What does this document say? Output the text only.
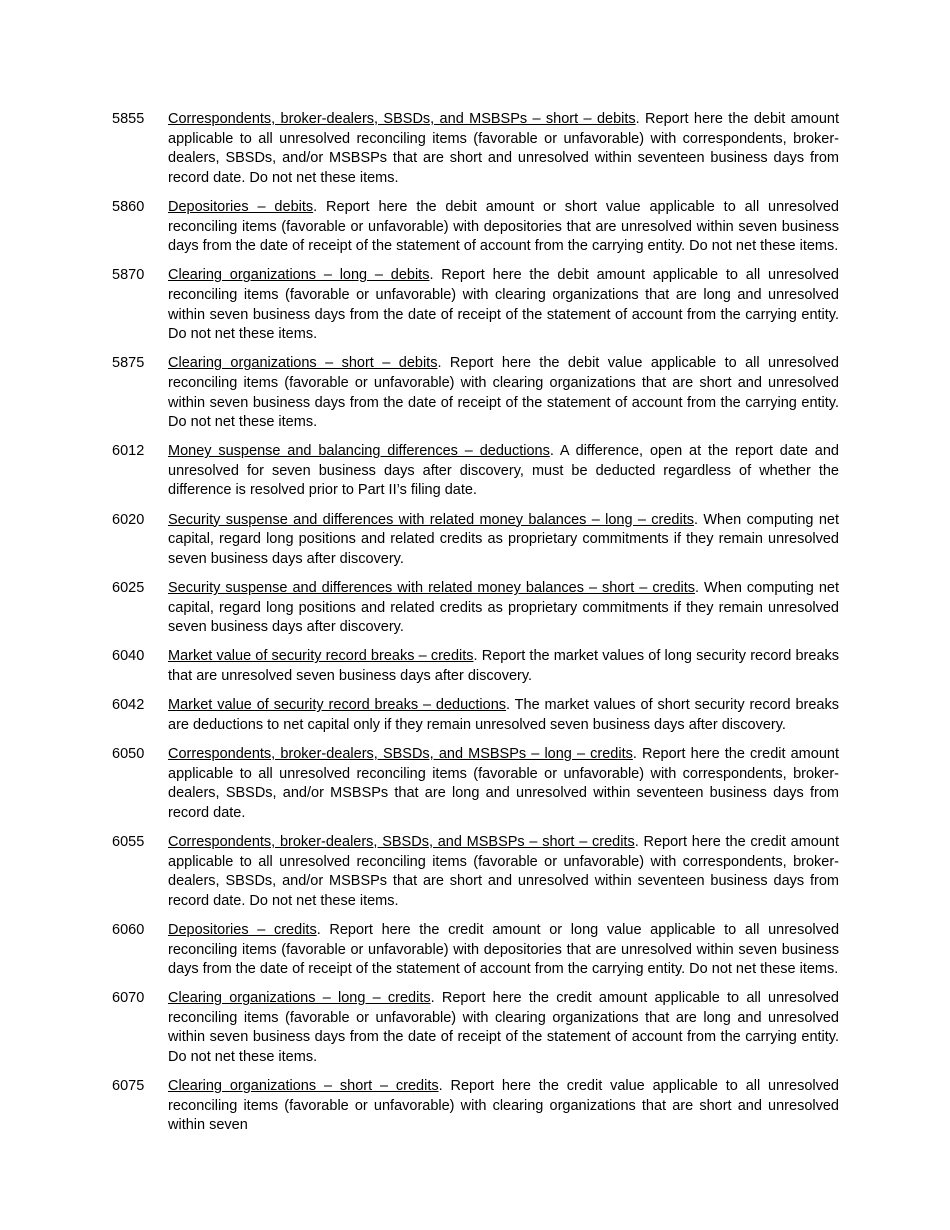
5855	Correspondents, broker-dealers, SBSDs, and MSBSPs – short – debits. Report here the debit amount applicable to all unresolved reconciling items (favorable or unfavorable) with correspondents, broker-dealers, SBSDs, and/or MSBSPs that are short and unresolved within seventeen business days from record date. Do not net these items.
5860	Depositories – debits. Report here the debit amount or short value applicable to all unresolved reconciling items (favorable or unfavorable) with depositories that are unresolved within seven business days from the date of receipt of the statement of account from the carrying entity. Do not net these items.
5870	Clearing organizations – long – debits. Report here the debit amount applicable to all unresolved reconciling items (favorable or unfavorable) with clearing organizations that are long and unresolved within seven business days from the date of receipt of the statement of account from the carrying entity. Do not net these items.
5875	Clearing organizations – short – debits. Report here the debit value applicable to all unresolved reconciling items (favorable or unfavorable) with clearing organizations that are short and unresolved within seven business days from the date of receipt of the statement of account from the carrying entity. Do not net these items.
6012	Money suspense and balancing differences – deductions. A difference, open at the report date and unresolved for seven business days after discovery, must be deducted regardless of whether the difference is resolved prior to Part II’s filing date.
6020	Security suspense and differences with related money balances – long – credits. When computing net capital, regard long positions and related credits as proprietary commitments if they remain unresolved seven business days after discovery.
6025	Security suspense and differences with related money balances – short – credits. When computing net capital, regard long positions and related credits as proprietary commitments if they remain unresolved seven business days after discovery.
6040	Market value of security record breaks – credits. Report the market values of long security record breaks that are unresolved seven business days after discovery.
6042	Market value of security record breaks – deductions. The market values of short security record breaks are deductions to net capital only if they remain unresolved seven business days after discovery.
6050	Correspondents, broker-dealers, SBSDs, and MSBSPs – long – credits. Report here the credit amount applicable to all unresolved reconciling items (favorable or unfavorable) with correspondents, broker-dealers, SBSDs, and/or MSBSPs that are long and unresolved within seventeen business days from record date.
6055	Correspondents, broker-dealers, SBSDs, and MSBSPs – short – credits. Report here the credit amount applicable to all unresolved reconciling items (favorable or unfavorable) with correspondents, broker-dealers, SBSDs, and/or MSBSPs that are short and unresolved within seventeen business days from record date. Do not net these items.
6060	Depositories – credits. Report here the credit amount or long value applicable to all unresolved reconciling items (favorable or unfavorable) with depositories that are unresolved within seven business days from the date of receipt of the statement of account from the carrying entity. Do not net these items.
6070	Clearing organizations – long – credits. Report here the credit amount applicable to all unresolved reconciling items (favorable or unfavorable) with clearing organizations that are long and unresolved within seven business days from the date of receipt of the statement of account from the carrying entity. Do not net these items.
6075	Clearing organizations – short – credits. Report here the credit value applicable to all unresolved reconciling items (favorable or unfavorable) with clearing organizations that are short and unresolved within seven
